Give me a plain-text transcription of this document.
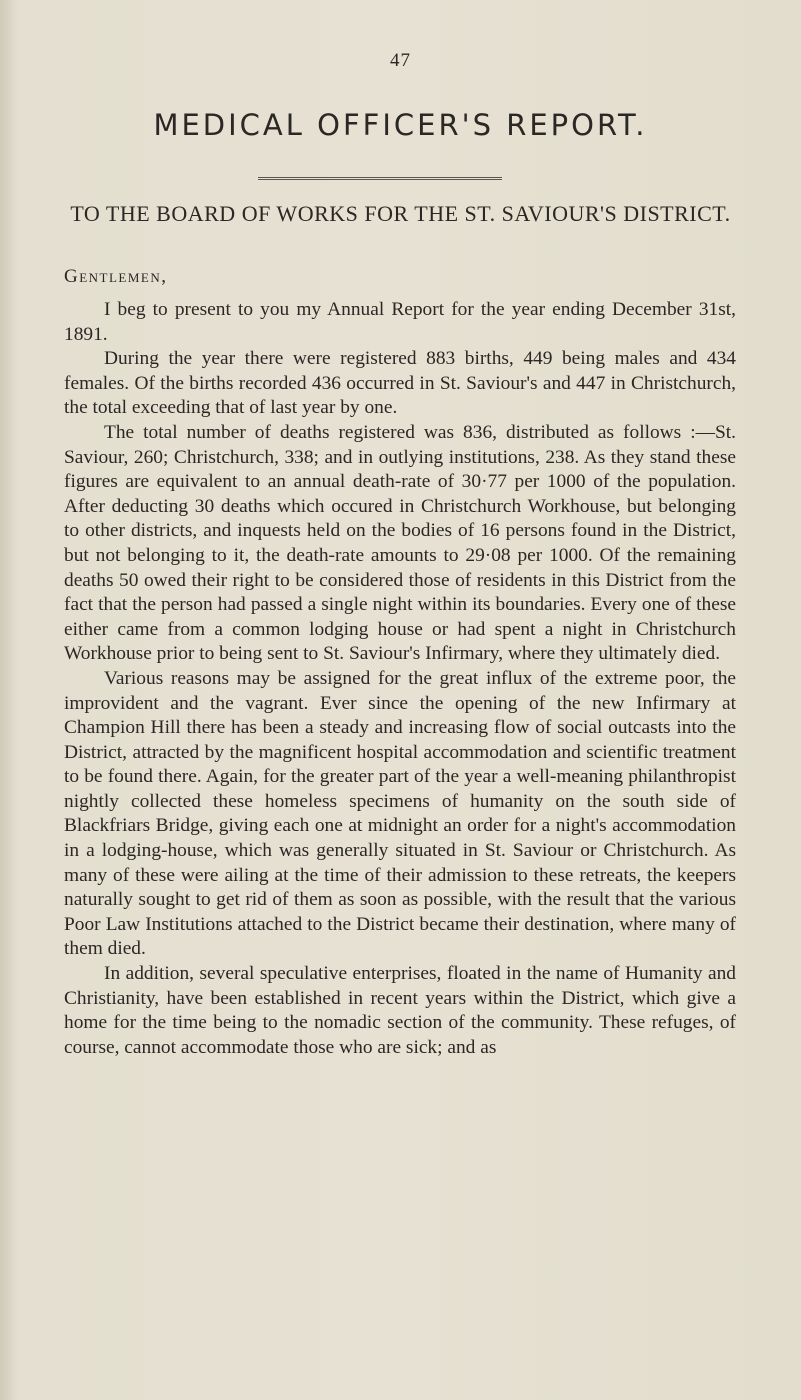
47
MEDICAL OFFICER'S REPORT.
TO THE BOARD OF WORKS FOR THE ST. SAVIOUR'S DISTRICT.
Gentlemen,

I beg to present to you my Annual Report for the year ending December 31st, 1891.

During the year there were registered 883 births, 449 being males and 434 females. Of the births recorded 436 occurred in St. Saviour's and 447 in Christchurch, the total exceeding that of last year by one.

The total number of deaths registered was 836, distributed as follows :—St. Saviour, 260; Christchurch, 338; and in outlying institutions, 238. As they stand these figures are equivalent to an annual death-rate of 30·77 per 1000 of the population. After deducting 30 deaths which occured in Christchurch Workhouse, but belonging to other districts, and inquests held on the bodies of 16 persons found in the District, but not belonging to it, the death-rate amounts to 29·08 per 1000. Of the remaining deaths 50 owed their right to be considered those of residents in this District from the fact that the person had passed a single night within its boundaries. Every one of these either came from a common lodging house or had spent a night in Christchurch Workhouse prior to being sent to St. Saviour's Infirmary, where they ultimately died.

Various reasons may be assigned for the great influx of the extreme poor, the improvident and the vagrant. Ever since the opening of the new Infirmary at Champion Hill there has been a steady and increasing flow of social outcasts into the District, attracted by the magnificent hospital accommodation and scientific treatment to be found there. Again, for the greater part of the year a well-meaning philanthropist nightly collected these homeless specimens of humanity on the south side of Blackfriars Bridge, giving each one at midnight an order for a night's accommodation in a lodging-house, which was generally situated in St. Saviour or Christchurch. As many of these were ailing at the time of their admission to these retreats, the keepers naturally sought to get rid of them as soon as possible, with the result that the various Poor Law Institutions attached to the District became their destination, where many of them died.

In addition, several speculative enterprises, floated in the name of Humanity and Christianity, have been established in recent years within the District, which give a home for the time being to the nomadic section of the community. These refuges, of course, cannot accommodate those who are sick; and as
